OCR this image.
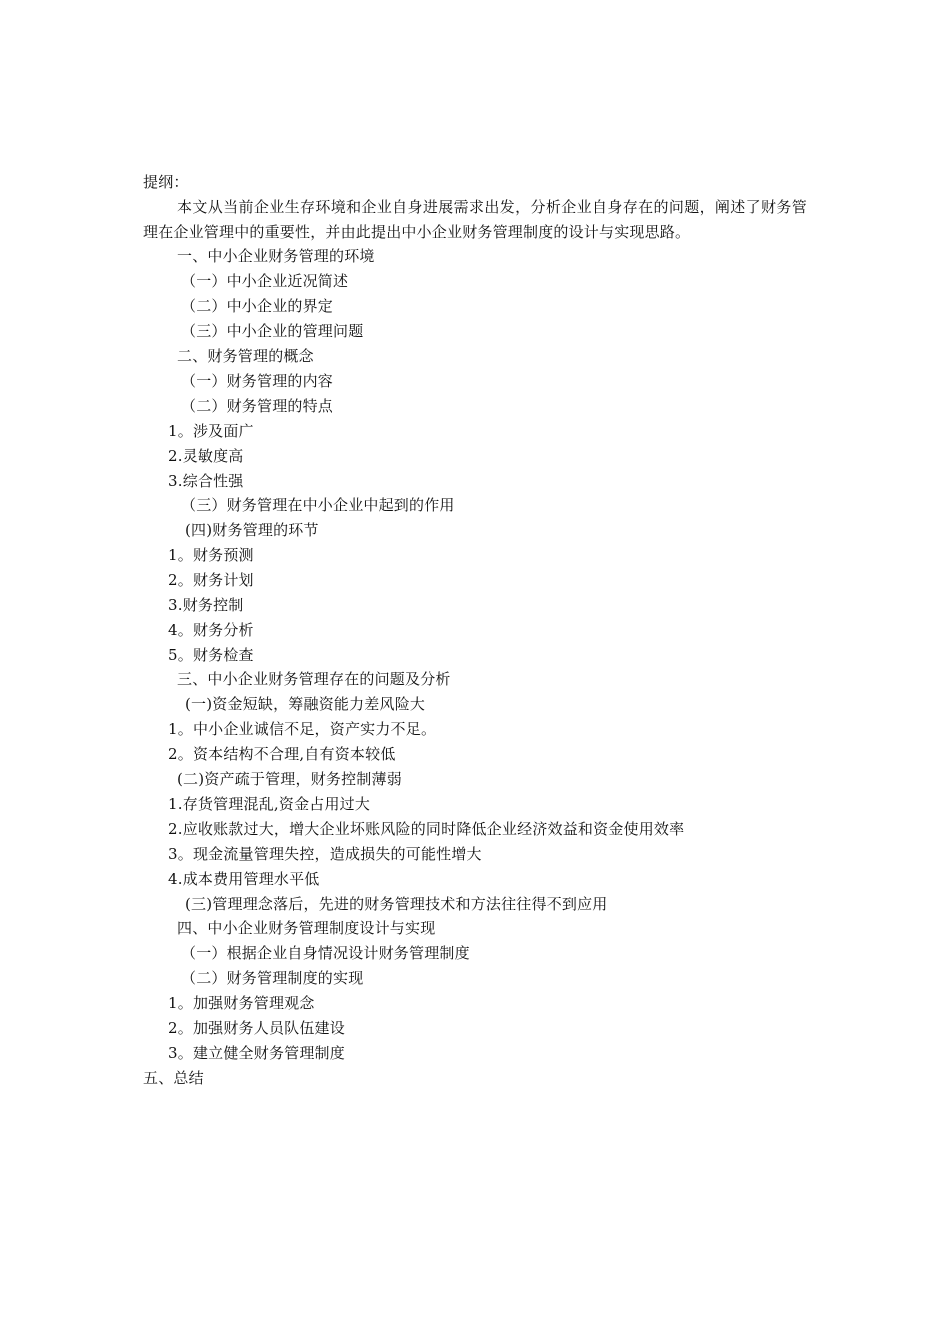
提纲：
本文从当前企业生存环境和企业自身进展需求出发，分析企业自身存在的问题，阐述了财务管理在企业管理中的重要性，并由此提出中小企业财务管理制度的设计与实现思路。
一、中小企业财务管理的环境
（一）中小企业近况简述
（二）中小企业的界定
（三）中小企业的管理问题
二、财务管理的概念
（一）财务管理的内容
（二）财务管理的特点
1。涉及面广
2.灵敏度高
3.综合性强
（三）财务管理在中小企业中起到的作用
(四)财务管理的环节
1。财务预测
2。财务计划
3.财务控制
4。财务分析
5。财务检查
三、中小企业财务管理存在的问题及分析
(一)资金短缺，筹融资能力差风险大
1。中小企业诚信不足，资产实力不足。
2。资本结构不合理,自有资本较低
(二)资产疏于管理，财务控制薄弱
1.存货管理混乱,资金占用过大
2.应收账款过大，增大企业坏账风险的同时降低企业经济效益和资金使用效率
3。现金流量管理失控，造成损失的可能性增大
4.成本费用管理水平低
(三)管理理念落后，先进的财务管理技术和方法往往得不到应用
四、中小企业财务管理制度设计与实现
（一）根据企业自身情况设计财务管理制度
（二）财务管理制度的实现
1。加强财务管理观念
2。加强财务人员队伍建设
3。建立健全财务管理制度
五、总结
